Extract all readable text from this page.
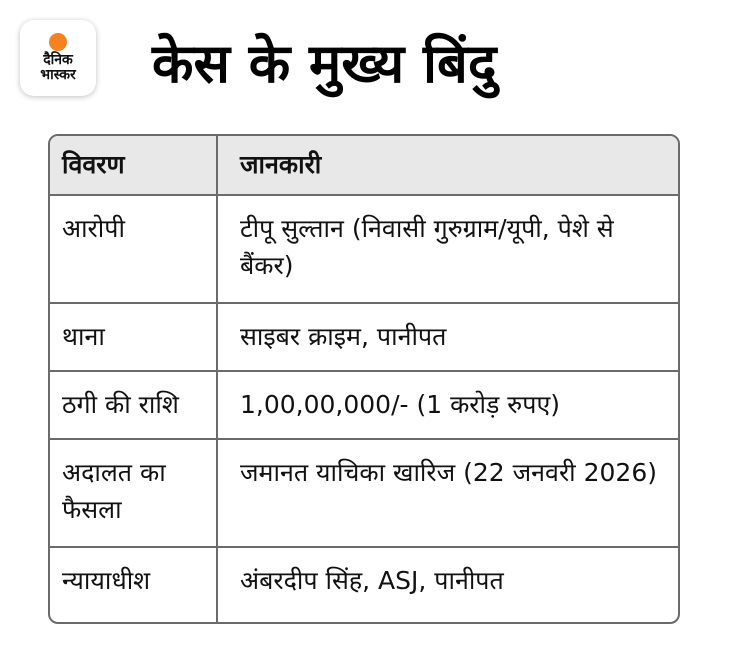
दैनिक
भास्कर केस के मुख्य बिंदु
विवरण	जानकारी
आरोपी	टीपू सुल्तान (निवासी गुरुग्राम/यूपी, पेशे से बैंकर)
थाना	साइबर क्राइम, पानीपत
ठगी की राशि	1,00,00,000/- (1 करोड़ रुपए)
अदालत का फैसला	जमानत याचिका खारिज (22 जनवरी 2026)
न्यायाधीश	अंबरदीप सिंह, ASJ, पानीपत
